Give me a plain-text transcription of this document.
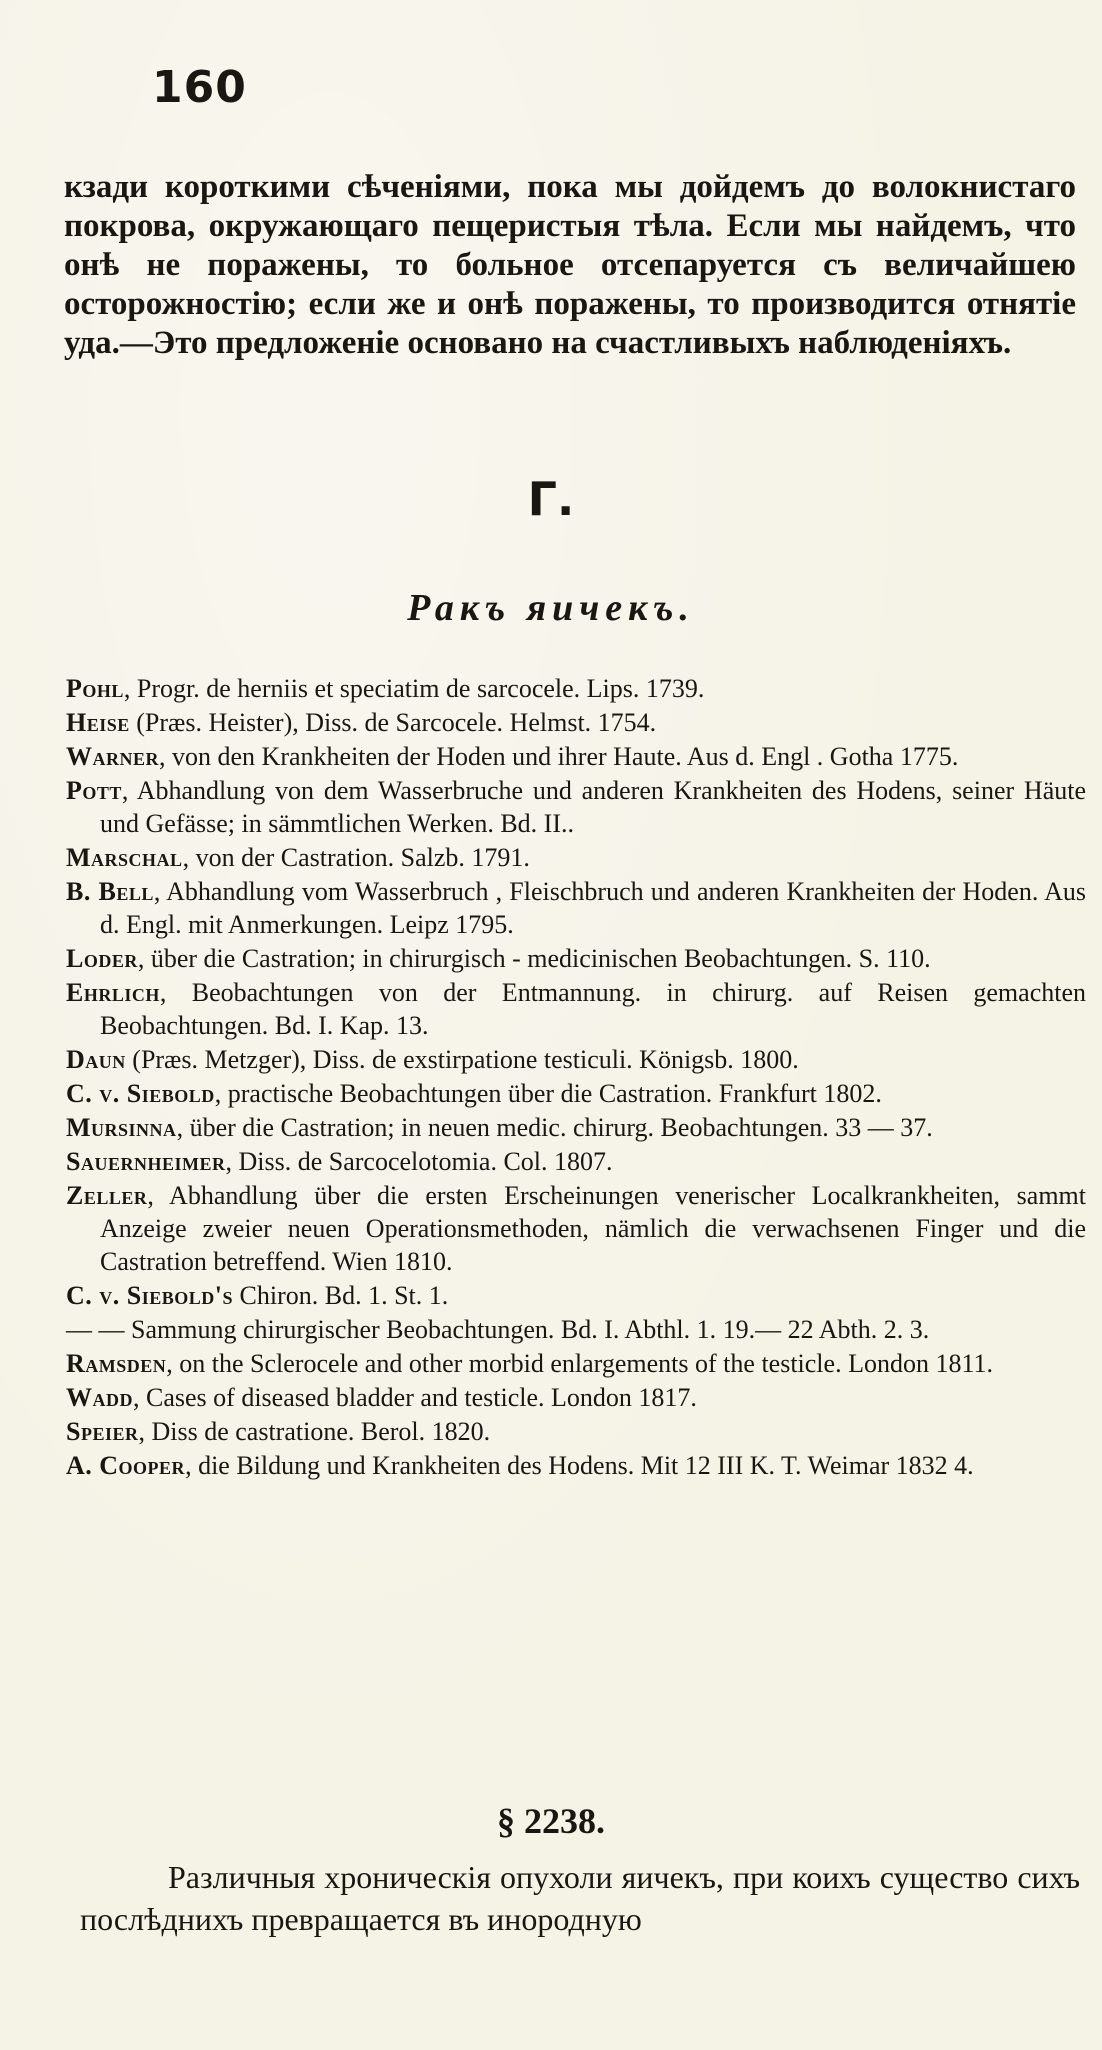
160

кзади короткими сѣченіями, пока мы дойдемъ до волокнистаго покрова, окружающаго пещеристыя тѣла. Если мы найдемъ, что онѣ не поражены, то больное отсепаруется съ величайшею осторожностію; если же и онѣ поражены, то производится отнятіе уда.—Это предложеніе основано на счастливыхъ наблюденіяхъ.

Г.
Ракъ яичекъ.
Pohl, Progr. de herniis et speciatim de sarcocele. Lips. 1739.
Heise (Præs. Heister), Diss. de Sarcocele. Helmst. 1754.
Warner, von den Krankheiten der Hoden und ihrer Haute. Aus d. Engl . Gotha 1775.
Pott, Abhandlung von dem Wasserbruche und anderen Krankheiten des Hodens, seiner Häute und Gefässe; in sämmtlichen Werken. Bd. II..
Marschal, von der Castration. Salzb. 1791.
B. Bell, Abhandlung vom Wasserbruch , Fleischbruch und anderen Krankheiten der Hoden. Aus d. Engl. mit Anmerkungen. Leipz 1795.
Loder, über die Castration; in chirurgisch - medicinischen Beobachtungen. S. 110.
Ehrlich, Beobachtungen von der Entmannung. in chirurg. auf Reisen gemachten Beobachtungen. Bd. I. Kap. 13.
Daun (Præs. Metzger), Diss. de exstirpatione testiculi. Königsb. 1800.
C. v. Siebold, practische Beobachtungen über die Castration. Frankfurt 1802.
Mursinna, über die Castration; in neuen medic. chirurg. Beobachtungen. 33 — 37.
Sauernheimer, Diss. de Sarcocelotomia. Col. 1807.
Zeller, Abhandlung über die ersten Erscheinungen venerischer Localkrankheiten, sammt Anzeige zweier neuen Operationsmethoden, nämlich die verwachsenen Finger und die Castration betreffend. Wien 1810.
C. v. Siebold's Chiron. Bd. 1. St. 1.
— — Sammung chirurgischer Beobachtungen. Bd. I. Abthl. 1. 19.— 22 Abth. 2. 3.
Ramsden, on the Sclerocele and other morbid enlargements of the testicle. London 1811.
Wadd, Cases of diseased bladder and testicle. London 1817.
Speier, Diss de castratione. Berol. 1820.
A. Cooper, die Bildung und Krankheiten des Hodens. Mit 12 III K. T. Weimar 1832 4.
§ 2238.

Различныя хроническія опухоли яичекъ, при коихъ существо сихъ послѣднихъ превращается въ инородную
